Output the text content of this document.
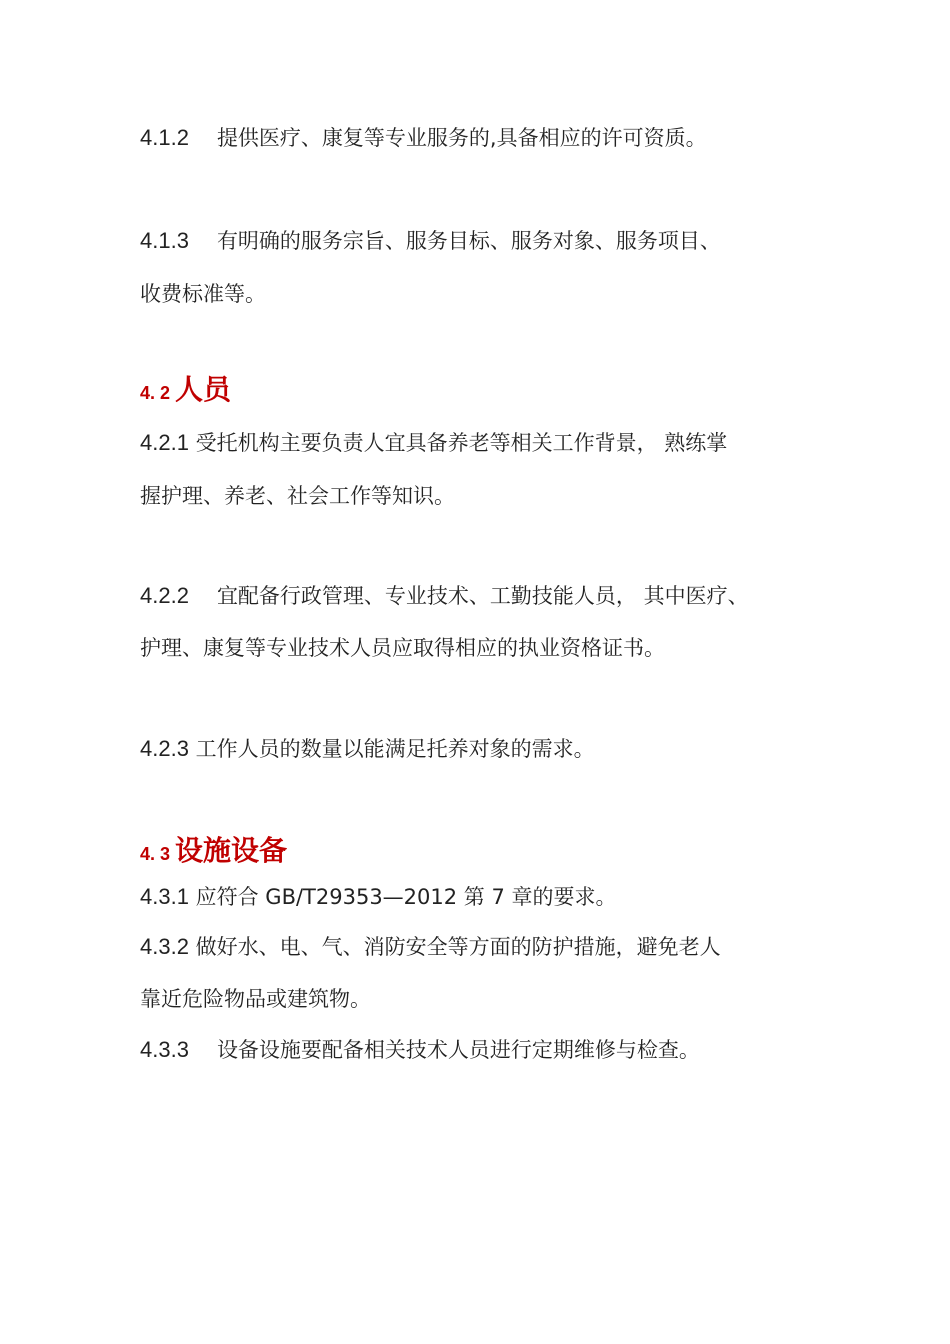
4.1.2 提供医疗、康复等专业服务的,具备相应的许可资质。
4.1.3 有明确的服务宗旨、服务目标、服务对象、服务项目、
收费标准等。
4. 2 人员
4.2.1 受托机构主要负责人宜具备养老等相关工作背景， 熟练掌
握护理、养老、社会工作等知识。
4.2.2 宜配备行政管理、专业技术、工勤技能人员， 其中医疗、
护理、康复等专业技术人员应取得相应的执业资格证书。
4.2.3 工作人员的数量以能满足托养对象的需求。
4. 3 设施设备
4.3.1 应符合 GB/T29353—2012 第 7 章的要求。
4.3.2 做好水、电、气、消防安全等方面的防护措施，避免老人
靠近危险物品或建筑物。
4.3.3 设备设施要配备相关技术人员进行定期维修与检查。
